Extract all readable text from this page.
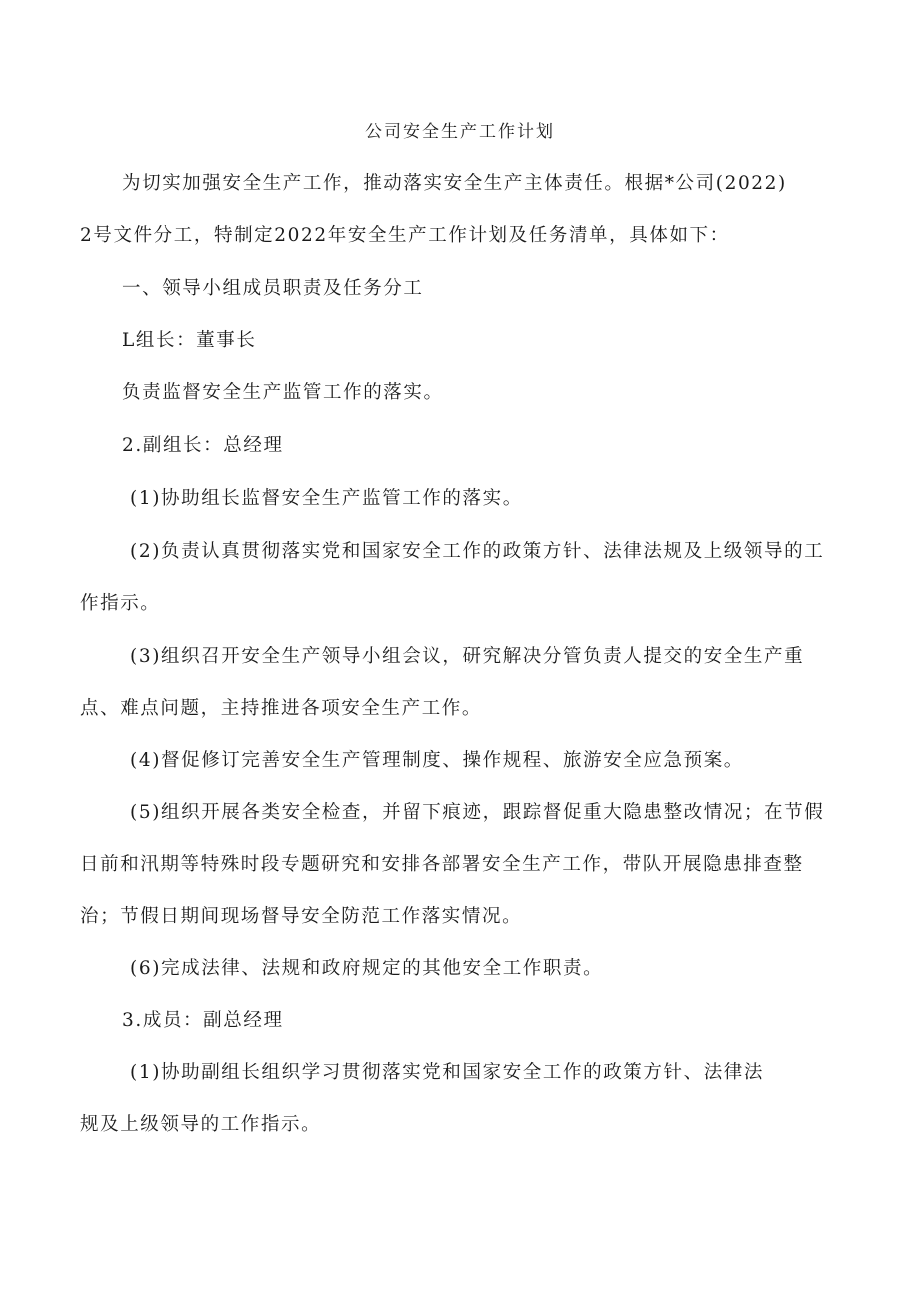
公司安全生产工作计划
为切实加强安全生产工作，推动落实安全生产主体责任。根据*公司(2022)
2号文件分工，特制定2022年安全生产工作计划及任务清单，具体如下：
一、领导小组成员职责及任务分工
L组长：董事长
负责监督安全生产监管工作的落实。
2.副组长：总经理
(1)协助组长监督安全生产监管工作的落实。
(2)负责认真贯彻落实党和国家安全工作的政策方针、法律法规及上级领导的工
作指示。
(3)组织召开安全生产领导小组会议，研究解决分管负责人提交的安全生产重
点、难点问题，主持推进各项安全生产工作。
(4)督促修订完善安全生产管理制度、操作规程、旅游安全应急预案。
(5)组织开展各类安全检查，并留下痕迹，跟踪督促重大隐患整改情况；在节假
日前和汛期等特殊时段专题研究和安排各部署安全生产工作，带队开展隐患排查整
治；节假日期间现场督导安全防范工作落实情况。
(6)完成法律、法规和政府规定的其他安全工作职责。
3.成员：副总经理
(1)协助副组长组织学习贯彻落实党和国家安全工作的政策方针、法律法
规及上级领导的工作指示。
